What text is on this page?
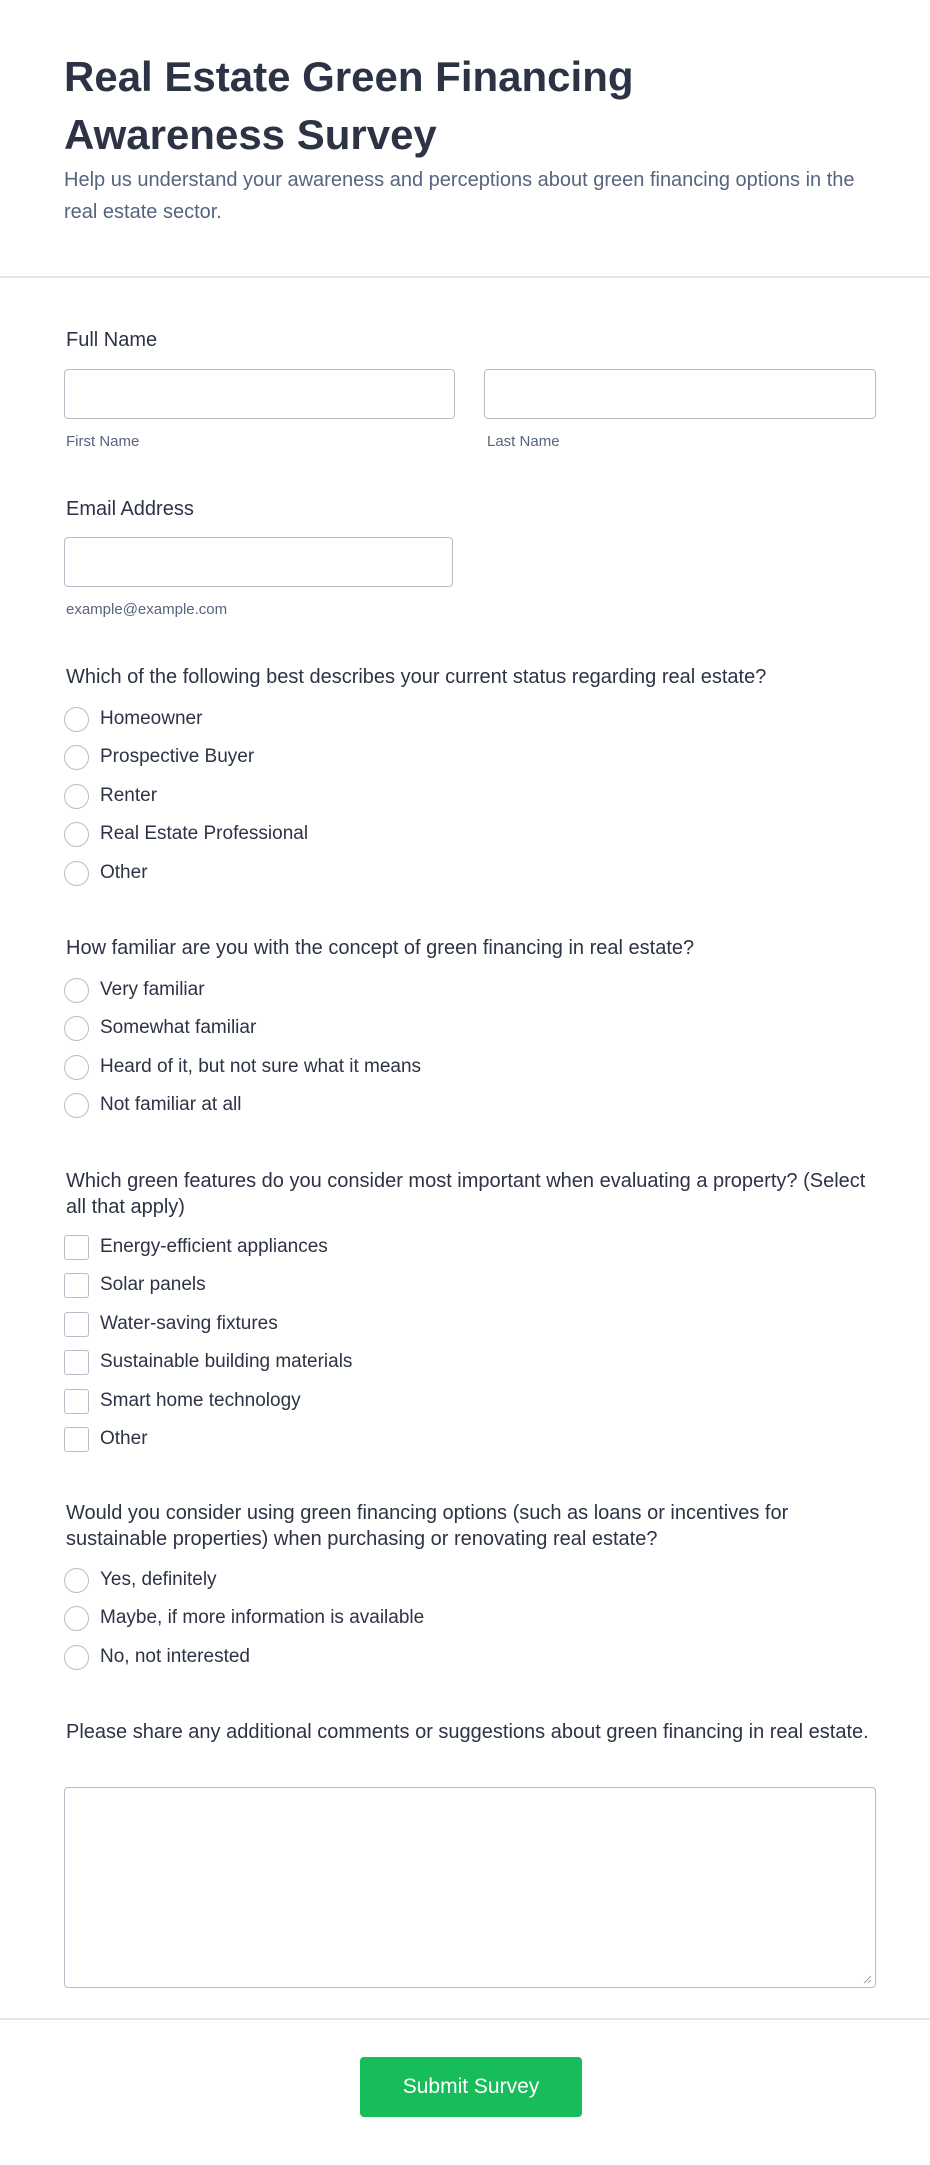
Real Estate Green Financing Awareness Survey
Help us understand your awareness and perceptions about green financing options in the real estate sector.
Full Name
First Name	Last Name
Email Address
example@example.com
Which of the following best describes your current status regarding real estate?
Homeowner
Prospective Buyer
Renter
Real Estate Professional
Other
How familiar are you with the concept of green financing in real estate?
Very familiar
Somewhat familiar
Heard of it, but not sure what it means
Not familiar at all
Which green features do you consider most important when evaluating a property? (Select all that apply)
Energy-efficient appliances
Solar panels
Water-saving fixtures
Sustainable building materials
Smart home technology
Other
Would you consider using green financing options (such as loans or incentives for sustainable properties) when purchasing or renovating real estate?
Yes, definitely
Maybe, if more information is available
No, not interested
Please share any additional comments or suggestions about green financing in real estate.
Submit Survey
